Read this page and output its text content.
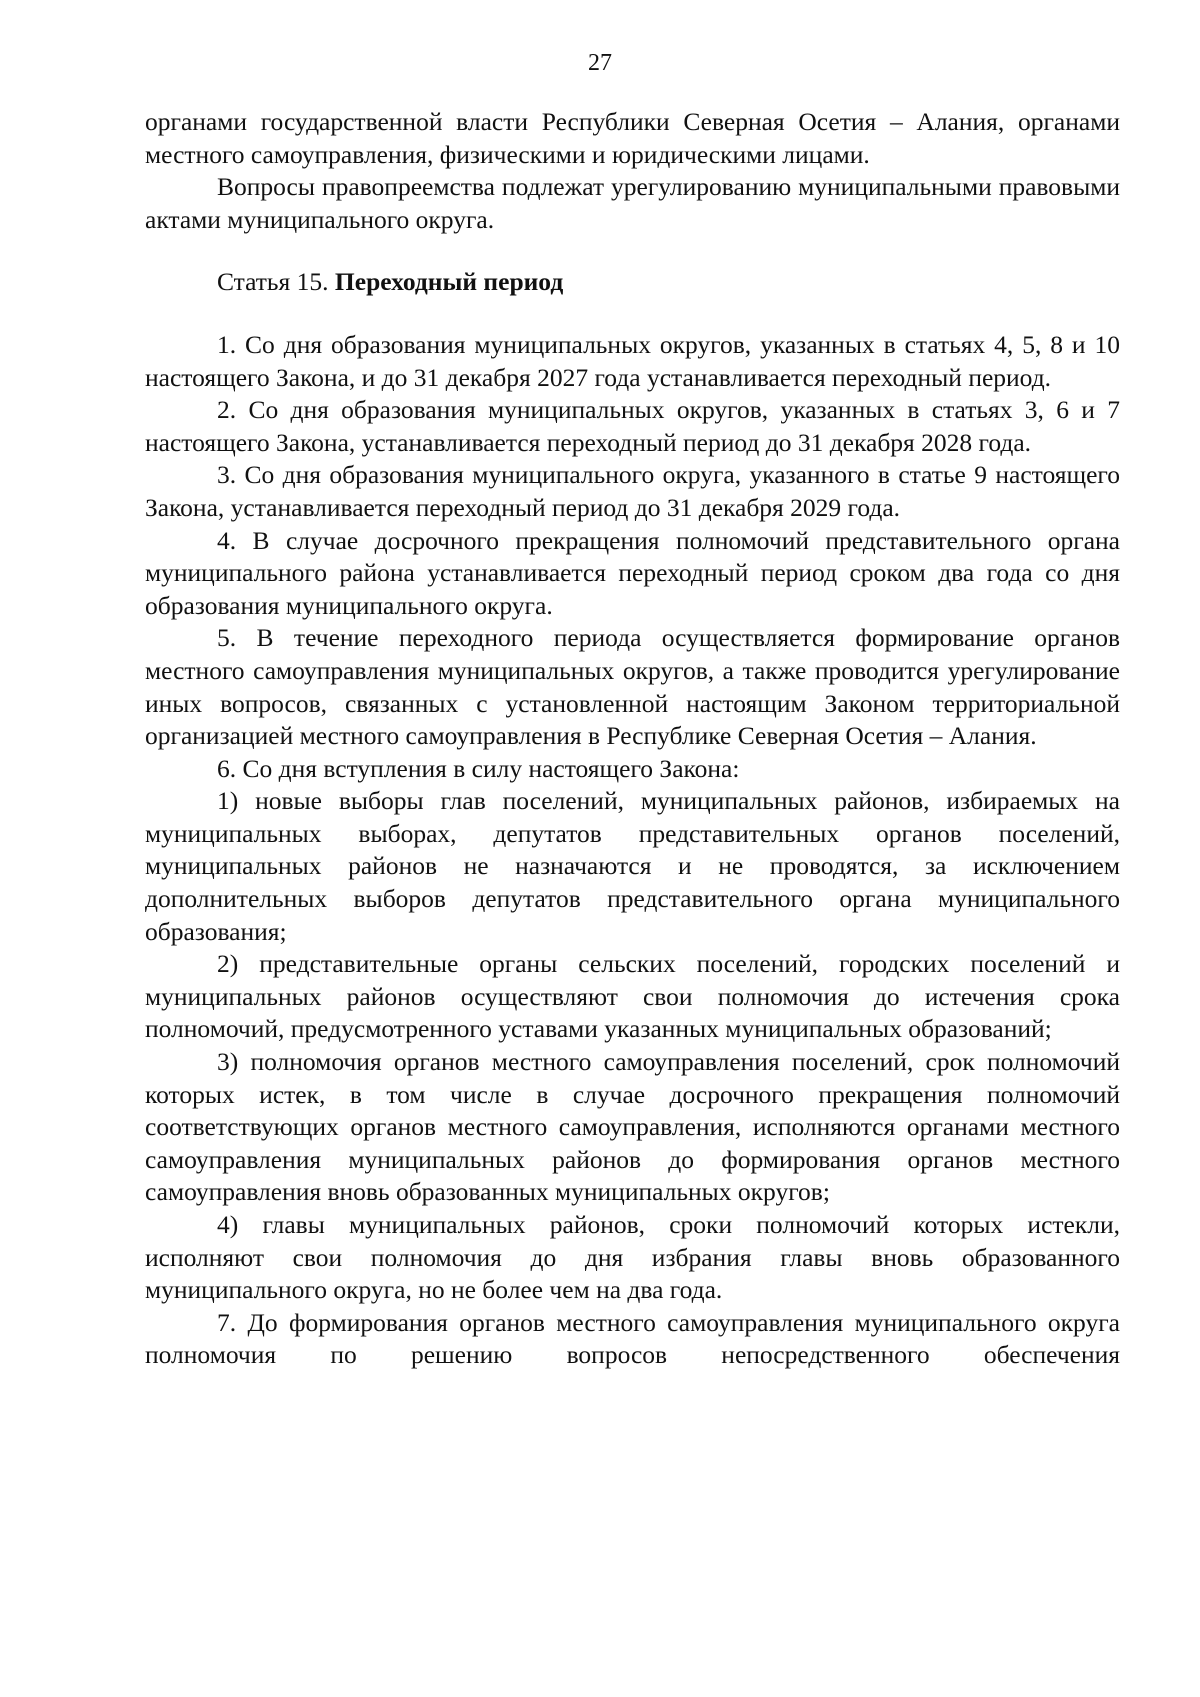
27

органами государственной власти Республики Северная Осетия – Алания, органами местного самоуправления, физическими и юридическими лицами.

Вопросы правопреемства подлежат урегулированию муниципальными правовыми актами муниципального округа.

Статья 15. Переходный период

1. Со дня образования муниципальных округов, указанных в статьях 4, 5, 8 и 10 настоящего Закона, и до 31 декабря 2027 года устанавливается переходный период.

2. Со дня образования муниципальных округов, указанных в статьях 3, 6 и 7 настоящего Закона, устанавливается переходный период до 31 декабря 2028 года.

3. Со дня образования муниципального округа, указанного в статье 9 настоящего Закона, устанавливается переходный период до 31 декабря 2029 года.

4. В случае досрочного прекращения полномочий представительного органа муниципального района устанавливается переходный период сроком два года со дня образования муниципального округа.

5. В течение переходного периода осуществляется формирование органов местного самоуправления муниципальных округов, а также проводится урегулирование иных вопросов, связанных с установленной настоящим Законом территориальной организацией местного самоуправления в Республике Северная Осетия – Алания.

6. Со дня вступления в силу настоящего Закона:

1) новые выборы глав поселений, муниципальных районов, избираемых на муниципальных выборах, депутатов представительных органов поселений, муниципальных районов не назначаются и не проводятся, за исключением дополнительных выборов депутатов представительного органа муниципального образования;

2) представительные органы сельских поселений, городских поселений и муниципальных районов осуществляют свои полномочия до истечения срока полномочий, предусмотренного уставами указанных муниципальных образований;

3) полномочия органов местного самоуправления поселений, срок полномочий которых истек, в том числе в случае досрочного прекращения полномочий соответствующих органов местного самоуправления, исполняются органами местного самоуправления муниципальных районов до формирования органов местного самоуправления вновь образованных муниципальных округов;

4) главы муниципальных районов, сроки полномочий которых истекли, исполняют свои полномочия до дня избрания главы вновь образованного муниципального округа, но не более чем на два года.

7. До формирования органов местного самоуправления муниципального округа полномочия по решению вопросов непосредственного обеспечения
